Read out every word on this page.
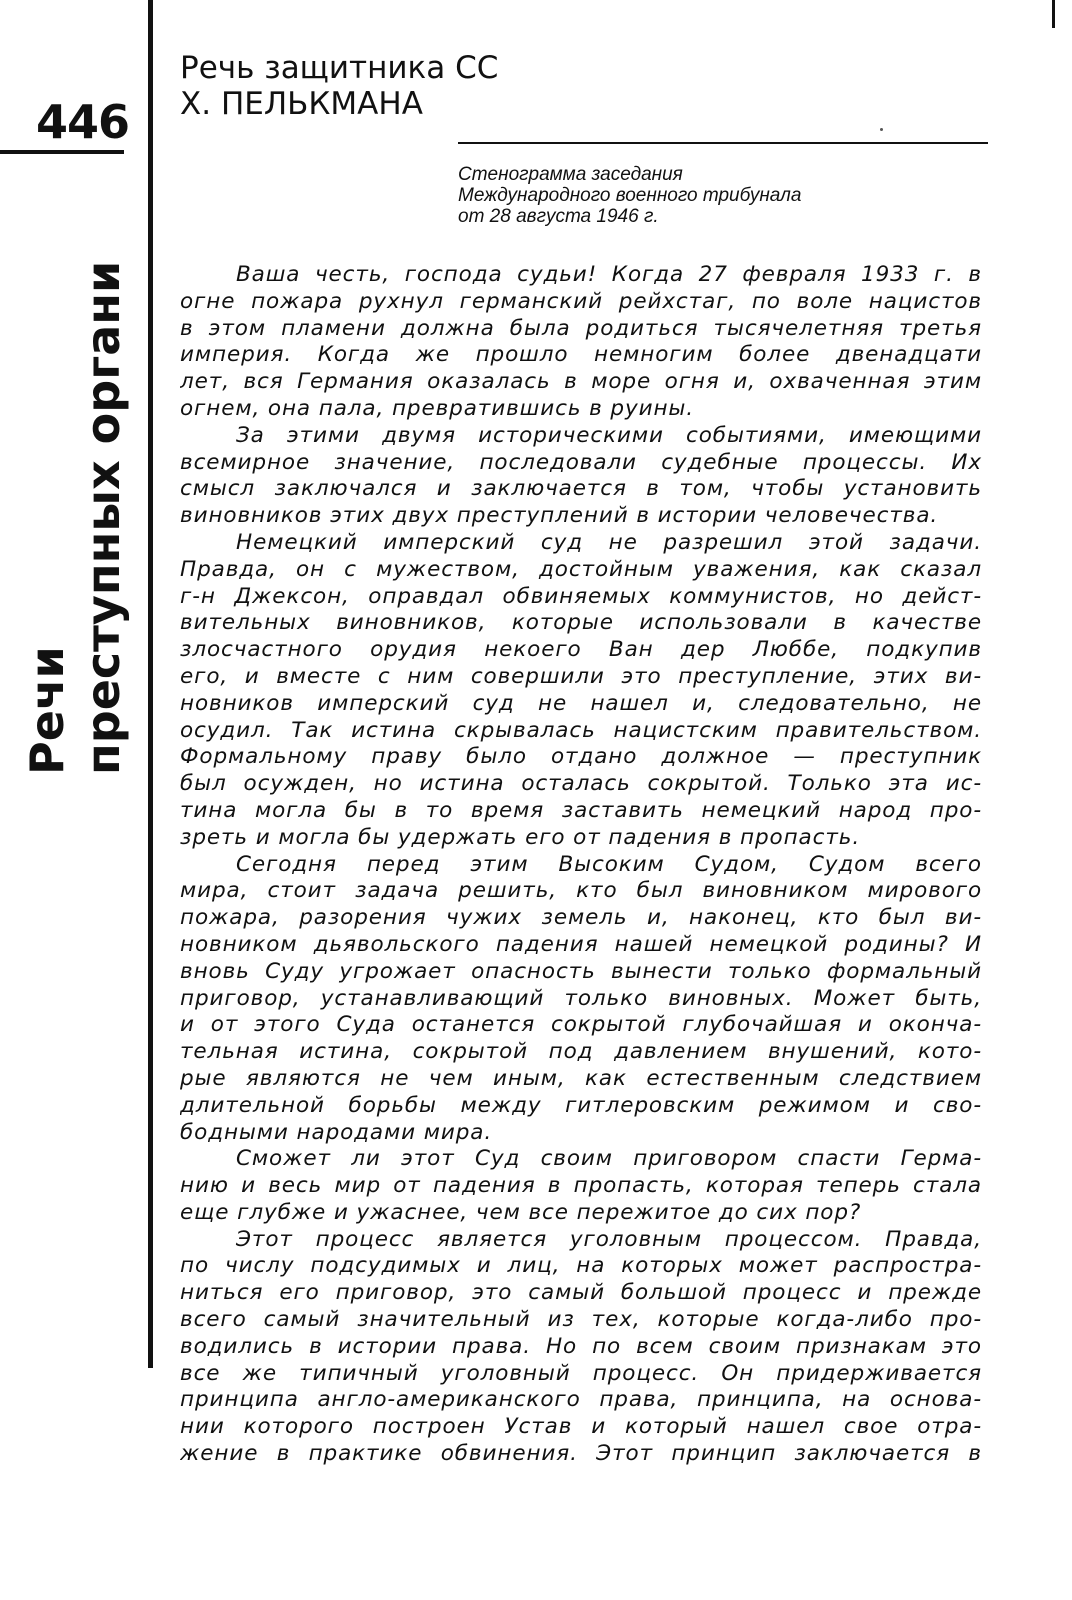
446
Речи преступных органи
Речь защитника СС
Х. ПЕЛЬКМАНА
Стенограмма заседания
Международного военного трибунала
от 28 августа 1946 г.
Ваша честь, господа судьи! Когда 27 февраля 1933 г. в
огне пожара рухнул германский рейхстаг, по воле нацистов
в этом пламени должна была родиться тысячелетняя третья
империя. Когда же прошло немногим более двенадцати
лет, вся Германия оказалась в море огня и, охваченная этим
огнем, она пала, превратившись в руины.
За этими двумя историческими событиями, имеющими
всемирное значение, последовали судебные процессы. Их
смысл заключался и заключается в том, чтобы установить
виновников этих двух преступлений в истории человечества.
Немецкий имперский суд не разрешил этой задачи.
Правда, он с мужеством, достойным уважения, как сказал
г-н Джексон, оправдал обвиняемых коммунистов, но дейст-
вительных виновников, которые использовали в качестве
злосчастного орудия некоего Ван дер Люббе, подкупив
его, и вместе с ним совершили это преступление, этих ви-
новников имперский суд не нашел и, следовательно, не
осудил. Так истина скрывалась нацистским правительством.
Формальному праву было отдано должное — преступник
был осужден, но истина осталась сокрытой. Только эта ис-
тина могла бы в то время заставить немецкий народ про-
зреть и могла бы удержать его от падения в пропасть.
Сегодня перед этим Высоким Судом, Судом всего
мира, стоит задача решить, кто был виновником мирового
пожара, разорения чужих земель и, наконец, кто был ви-
новником дьявольского падения нашей немецкой родины? И
вновь Суду угрожает опасность вынести только формальный
приговор, устанавливающий только виновных. Может быть,
и от этого Суда останется сокрытой глубочайшая и оконча-
тельная истина, сокрытой под давлением внушений, кото-
рые являются не чем иным, как естественным следствием
длительной борьбы между гитлеровским режимом и сво-
бодными народами мира.
Сможет ли этот Суд своим приговором спасти Герма-
нию и весь мир от падения в пропасть, которая теперь стала
еще глубже и ужаснее, чем все пережитое до сих пор?
Этот процесс является уголовным процессом. Правда,
по числу подсудимых и лиц, на которых может распростра-
ниться его приговор, это самый большой процесс и прежде
всего самый значительный из тех, которые когда-либо про-
водились в истории права. Но по всем своим признакам это
все же типичный уголовный процесс. Он придерживается
принципа англо-американского права, принципа, на основа-
нии которого построен Устав и который нашел свое отра-
жение в практике обвинения. Этот принцип заключается в
